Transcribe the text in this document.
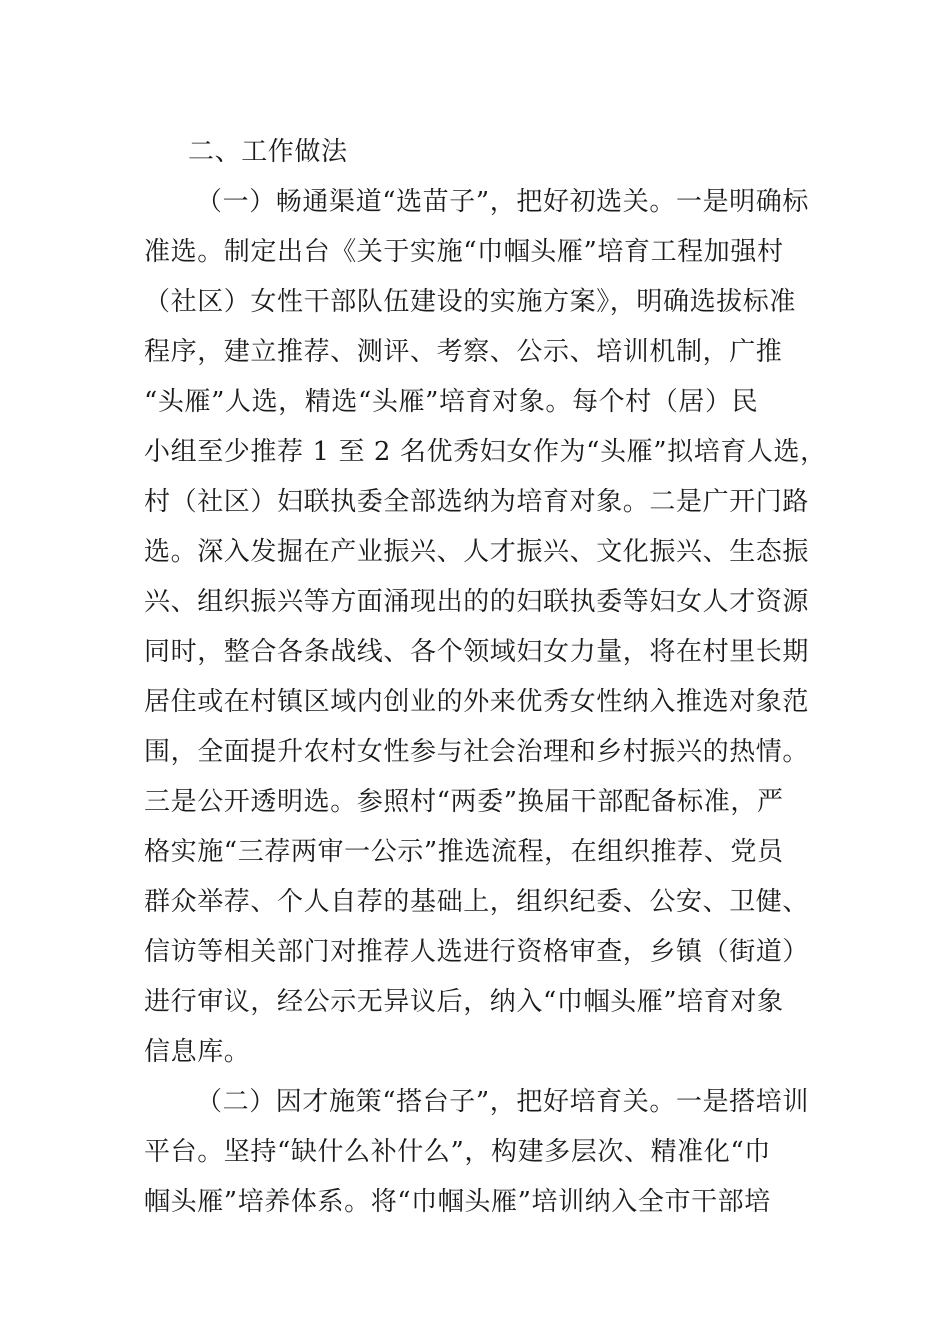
二、工作做法

（一）畅通渠道“选苗子”，把好初选关。一是明确标
准选。制定出台《关于实施“巾帼头雁”培育工程加强村
（社区）女性干部队伍建设的实施方案》，明确选拔标准
程序，建立推荐、测评、考察、公示、培训机制，广推
“头雁”人选，精选“头雁”培育对象。每个村（居）民
小组至少推荐 1 至 2 名优秀妇女作为“头雁”拟培育人选，
村（社区）妇联执委全部选纳为培育对象。二是广开门路
选。深入发掘在产业振兴、人才振兴、文化振兴、生态振
兴、组织振兴等方面涌现出的的妇联执委等妇女人才资源
同时，整合各条战线、各个领域妇女力量，将在村里长期
居住或在村镇区域内创业的外来优秀女性纳入推选对象范
围，全面提升农村女性参与社会治理和乡村振兴的热情。
三是公开透明选。参照村“两委”换届干部配备标准，严
格实施“三荐两审一公示”推选流程，在组织推荐、党员
群众举荐、个人自荐的基础上，组织纪委、公安、卫健、
信访等相关部门对推荐人选进行资格审查，乡镇（街道）
进行审议，经公示无异议后，纳入“巾帼头雁”培育对象
信息库。
（二）因才施策“搭台子”，把好培育关。一是搭培训
平台。坚持“缺什么补什么”，构建多层次、精准化“巾
帼头雁”培养体系。将“巾帼头雁”培训纳入全市干部培
